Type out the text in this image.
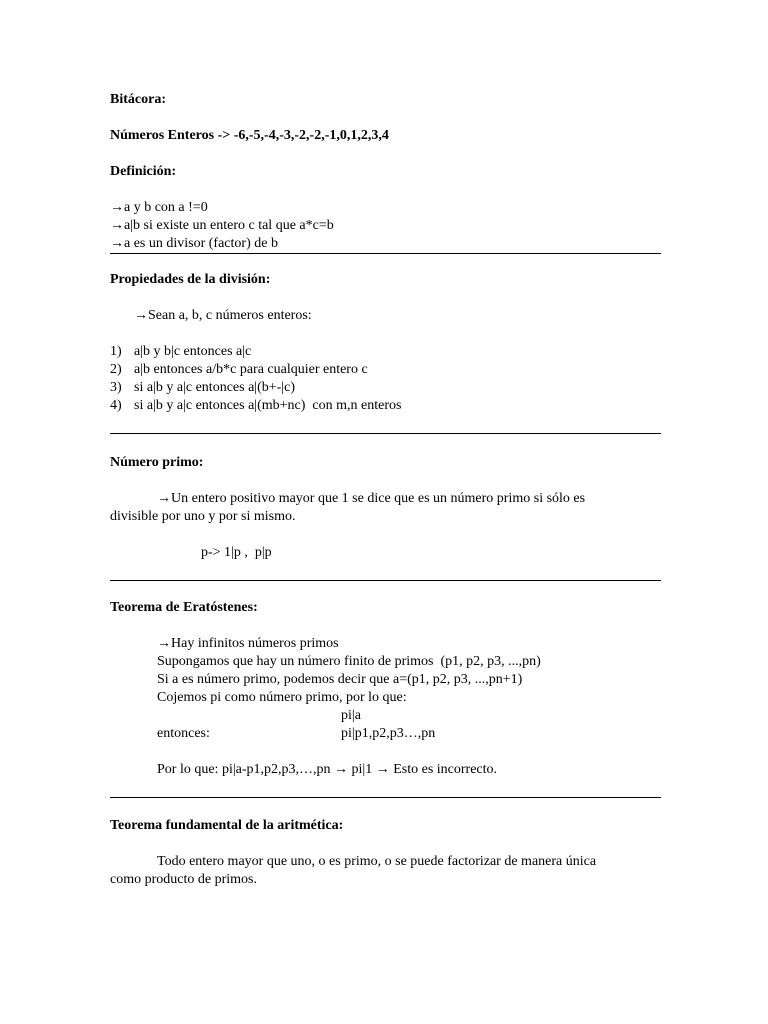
Bitácora:
Números Enteros -> -6,-5,-4,-3,-2,-2,-1,0,1,2,3,4
Definición:
→a y b con a !=0
→a|b si existe un entero c tal que a*c=b
→a es un divisor (factor) de b
Propiedades de la división:
→Sean a, b, c números enteros:
1) a|b y b|c entonces a|c
2) a|b entonces a/b*c para cualquier entero c
3) si a|b y a|c entonces a|(b+-|c)
4) si a|b y a|c entonces a|(mb+nc)  con m,n enteros
Número primo:
→Un entero positivo mayor que 1 se dice que es un número primo si sólo es
divisible por uno y por si mismo.
p-> 1|p ,  p|p
Teorema de Eratóstenes:
→Hay infinitos números primos
Supongamos que hay un número finito de primos  (p1, p2, p3, ...,pn)
Si a es número primo, podemos decir que a=(p1, p2, p3, ...,pn+1)
Cojemos pi como número primo, por lo que:
pi|a
entonces:	pi|p1,p2,p3…,pn
Por lo que: pi|a-p1,p2,p3,…,pn → pi|1 → Esto es incorrecto.
Teorema fundamental de la aritmética:
Todo entero mayor que uno, o es primo, o se puede factorizar de manera única
como producto de primos.
